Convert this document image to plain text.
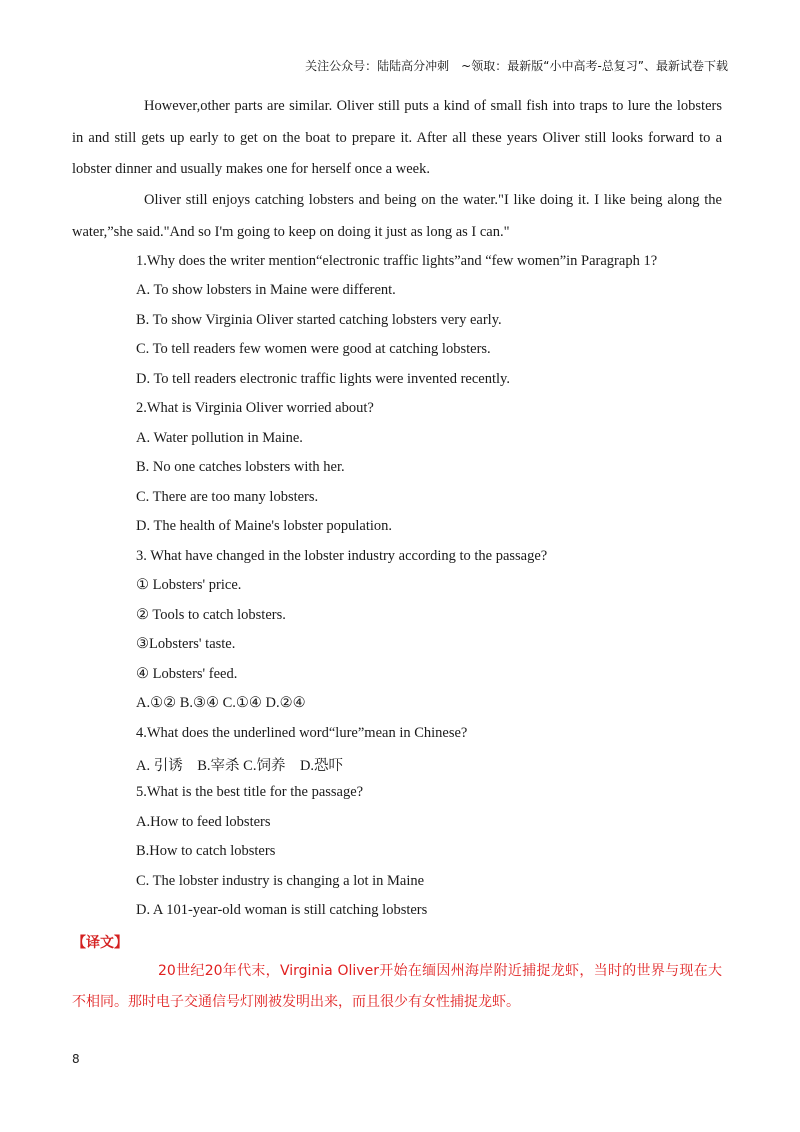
关注公众号：陆陆高分冲刺　~领取：最新版“小中高考-总复习”、最新试卷下载

However,other parts are similar. Oliver still puts a kind of small fish into traps to lure the lobsters in and still gets up early to get on the boat to prepare it. After all these years Oliver still looks forward to a lobster dinner and usually makes one for herself once a week.

Oliver still enjoys catching lobsters and being on the water."I like doing it. I like being along the water,”she said."And so I'm going to keep on doing it just as long as I can."

1.Why does the writer mention“electronic traffic lights”and “few women”in Paragraph 1?

A. To show lobsters in Maine were different.

B. To show Virginia Oliver started catching lobsters very early.

C. To tell readers few women were good at catching lobsters.

D. To tell readers electronic traffic lights were invented recently.

2.What is Virginia Oliver worried about?

A. Water pollution in Maine.

B. No one catches lobsters with her.

C. There are too many lobsters.

D. The health of Maine's lobster population.

3. What have changed in the lobster industry according to the passage?

① Lobsters' price.

② Tools to catch lobsters.

③Lobsters' taste.

④ Lobsters' feed.

A.①② B.③④ C.①④ D.②④

4.What does the underlined word“lure”mean in Chinese?

A. 引诱　B.宰杀 C.饲养　D.恐吓

5.What is the best title for the passage?

A.How to feed lobsters

B.How to catch lobsters

C. The lobster industry is changing a lot in Maine

D. A 101-year-old woman is still catching lobsters

【译文】

20世纪20年代末，Virginia Oliver开始在缅因州海岸附近捕捉龙虾，当时的世界与现在大不相同。那时电子交通信号灯刚被发明出来，而且很少有女性捕捉龙虾。

8
